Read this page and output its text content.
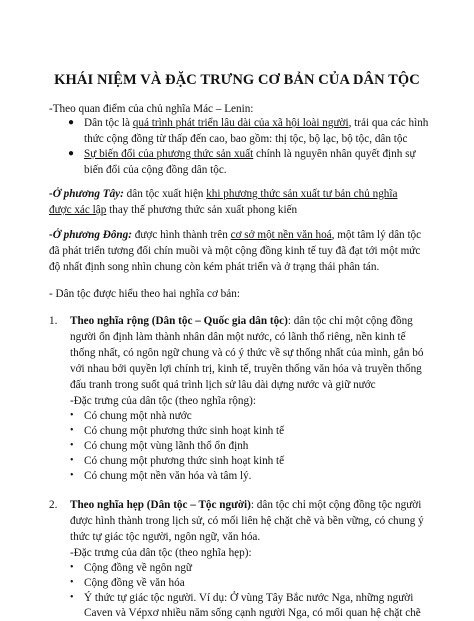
KHÁI NIỆM VÀ ĐẶC TRƯNG CƠ BẢN CỦA DÂN TỘC
-Theo quan điểm của chủ nghĩa Mác – Lenin:
● Dân tộc là quá trình phát triển lâu dài của xã hội loài người, trải qua các hình
thức cộng đồng từ thấp đến cao, bao gồm: thị tộc, bộ lạc, bộ tộc, dân tộc
● Sự biến đổi của phương thức sản xuất chính là nguyên nhân quyết định sự
biến đổi của cộng đồng dân tộc.
-Ở phương Tây: dân tộc xuất hiện khi phương thức sản xuất tư bản chủ nghĩa
được xác lập thay thế phương thức sản xuất phong kiến
-Ở phương Đông: được hình thành trên cơ sở một nền văn hoá, một tâm lý dân tộc
đã phát triển tương đối chín muồi và một cộng đồng kinh tế tuy đã đạt tới một mức
độ nhất định song nhìn chung còn kém phát triển và ở trạng thái phân tán.
- Dân tộc được hiểu theo hai nghĩa cơ bản:
1. Theo nghĩa rộng (Dân tộc – Quốc gia dân tộc): dân tộc chỉ một cộng đồng
người ổn định làm thành nhân dân một nước, có lãnh thổ riêng, nền kinh tế
thống nhất, có ngôn ngữ chung và có ý thức về sự thống nhất của mình, gắn bó
với nhau bởi quyền lợi chính trị, kinh tế, truyền thống văn hóa và truyền thống
đấu tranh trong suốt quá trình lịch sử lâu dài dựng nước và giữ nước
-Đặc trưng của dân tộc (theo nghĩa rộng):
• Có chung một nhà nước
• Có chung một phương thức sinh hoạt kinh tế
• Có chung một vùng lãnh thổ ổn định
• Có chung một phương thức sinh hoạt kinh tế
• Có chung một nền văn hóa và tâm lý.
2. Theo nghĩa hẹp (Dân tộc – Tộc người): dân tộc chỉ một cộng đồng tộc người
được hình thành trong lịch sử, có mối liên hệ chặt chẽ và bền vững, có chung ý
thức tự giác tộc người, ngôn ngữ, văn hóa.
-Đặc trưng của dân tộc (theo nghĩa hẹp):
• Cộng đồng về ngôn ngữ
• Cộng đồng về văn hóa
• Ý thức tự giác tộc người. Ví dụ: Ở vùng Tây Bắc nước Nga, những người
Caven và Vépxơ nhiều năm sống cạnh người Nga, có mối quan hệ chặt chẽ
